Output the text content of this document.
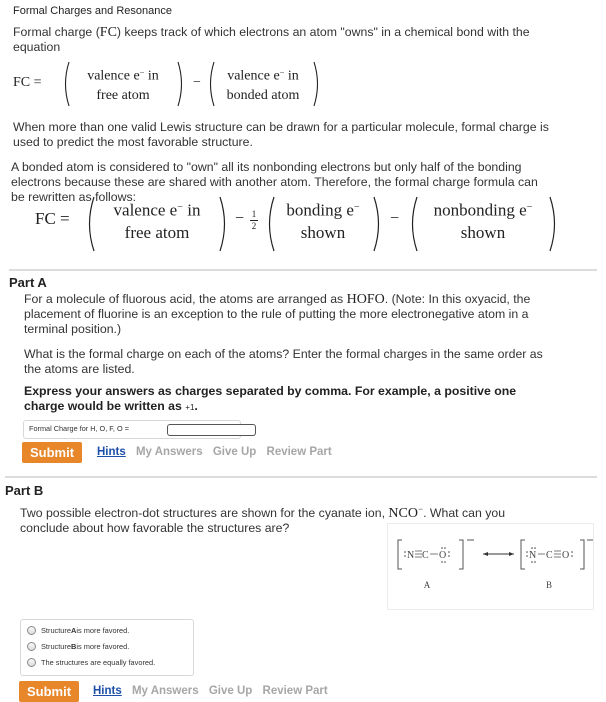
Formal Charges and Resonance
Formal charge (FC) keeps track of which electrons an atom "owns" in a chemical bond with the
equation
FC =	valence e− in
free atom
−	valence e− in
bonded atom
When more than one valid Lewis structure can be drawn for a particular molecule, formal charge is
used to predict the most favorable structure.
A bonded atom is considered to "own" all its nonbonding electrons but only half of the bonding
electrons because these are shared with another atom. Therefore, the formal charge formula can
be rewritten as follows:
FC =	valence e− in
free atom
− 1
2
bonding e−
shown
−	nonbonding e−
shown
Part A
For a molecule of fluorous acid, the atoms are arranged as HOFO. (Note: In this oxyacid, the
placement of fluorine is an exception to the rule of putting the more electronegative atom in a
terminal position.)
What is the formal charge on each of the atoms? Enter the formal charges in the same order as
the atoms are listed.
Express your answers as charges separated by comma. For example, a positive one
charge would be written as +1.
Formal Charge for H, O, F, O =
Submit	Hints My Answers Give Up Review Part
Part B
Two possible electron-dot structures are shown for the cyanate ion, NCO−. What can you
conclude about how favorable the structures are?
N C O
A
N C O
B
Structure A is more favored.
Structure B is more favored.
The structures are equally favored.
Submit	Hints My Answers Give Up Review Part
